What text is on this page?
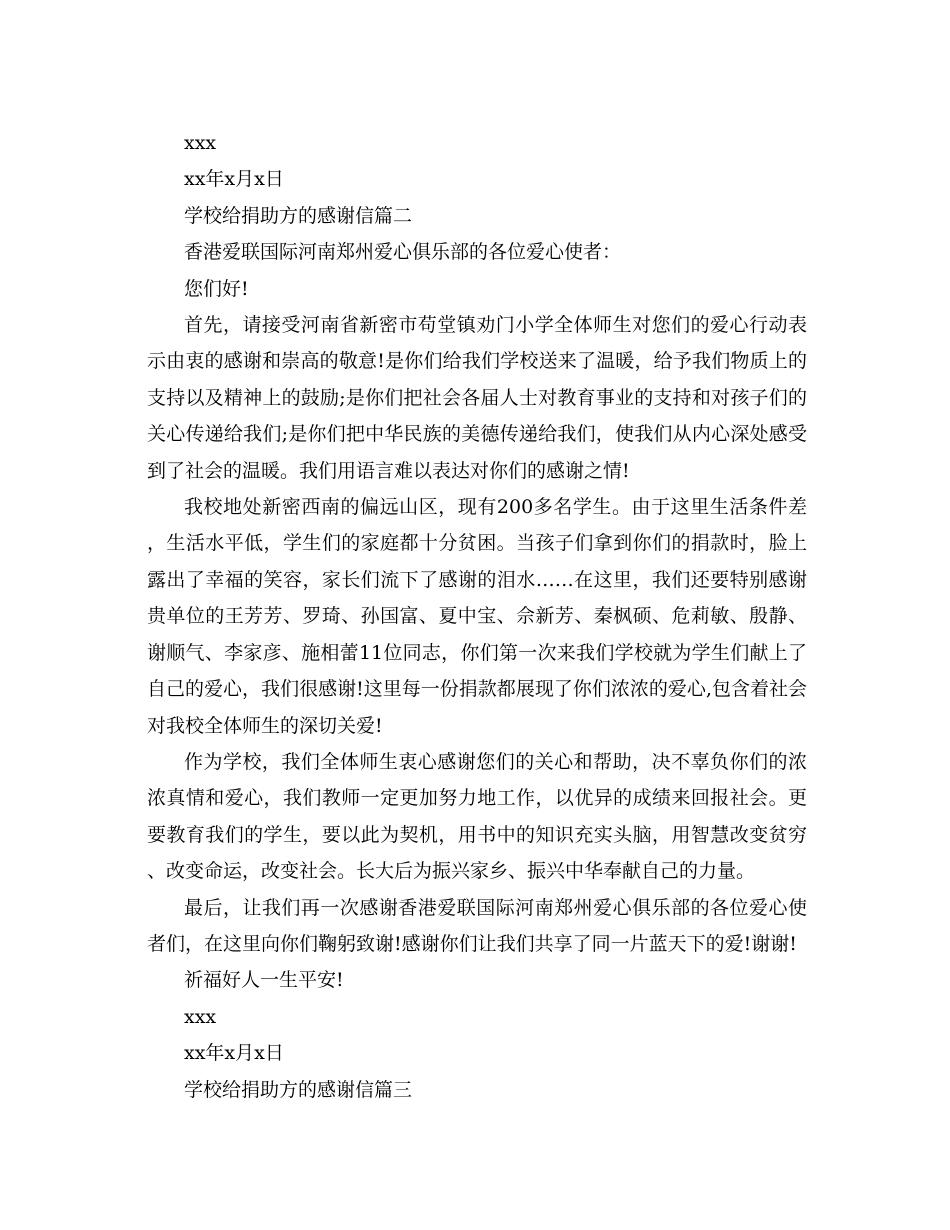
xxx

xx年x月x日

学校给捐助方的感谢信篇二

香港爱联国际河南郑州爱心俱乐部的各位爱心使者：

您们好!

首先，请接受河南省新密市苟堂镇劝门小学全体师生对您们的爱心行动表示由衷的感谢和崇高的敬意!是你们给我们学校送来了温暖，给予我们物质上的支持以及精神上的鼓励;是你们把社会各届人士对教育事业的支持和对孩子们的关心传递给我们;是你们把中华民族的美德传递给我们，使我们从内心深处感受到了社会的温暖。我们用语言难以表达对你们的感谢之情!

我校地处新密西南的偏远山区，现有200多名学生。由于这里生活条件差，生活水平低，学生们的家庭都十分贫困。当孩子们拿到你们的捐款时，脸上露出了幸福的笑容，家长们流下了感谢的泪水……在这里，我们还要特别感谢贵单位的王芳芳、罗琦、孙国富、夏中宝、佘新芳、秦枫硕、危莉敏、殷静、谢顺气、李家彦、施相蕾11位同志，你们第一次来我们学校就为学生们献上了自己的爱心，我们很感谢!这里每一份捐款都展现了你们浓浓的爱心,包含着社会对我校全体师生的深切关爱!

作为学校，我们全体师生衷心感谢您们的关心和帮助，决不辜负你们的浓浓真情和爱心，我们教师一定更加努力地工作，以优异的成绩来回报社会。更要教育我们的学生，要以此为契机，用书中的知识充实头脑，用智慧改变贫穷、改变命运，改变社会。长大后为振兴家乡、振兴中华奉献自己的力量。

最后，让我们再一次感谢香港爱联国际河南郑州爱心俱乐部的各位爱心使者们，在这里向你们鞠躬致谢!感谢你们让我们共享了同一片蓝天下的爱!谢谢!

祈福好人一生平安!

xxx

xx年x月x日

学校给捐助方的感谢信篇三
